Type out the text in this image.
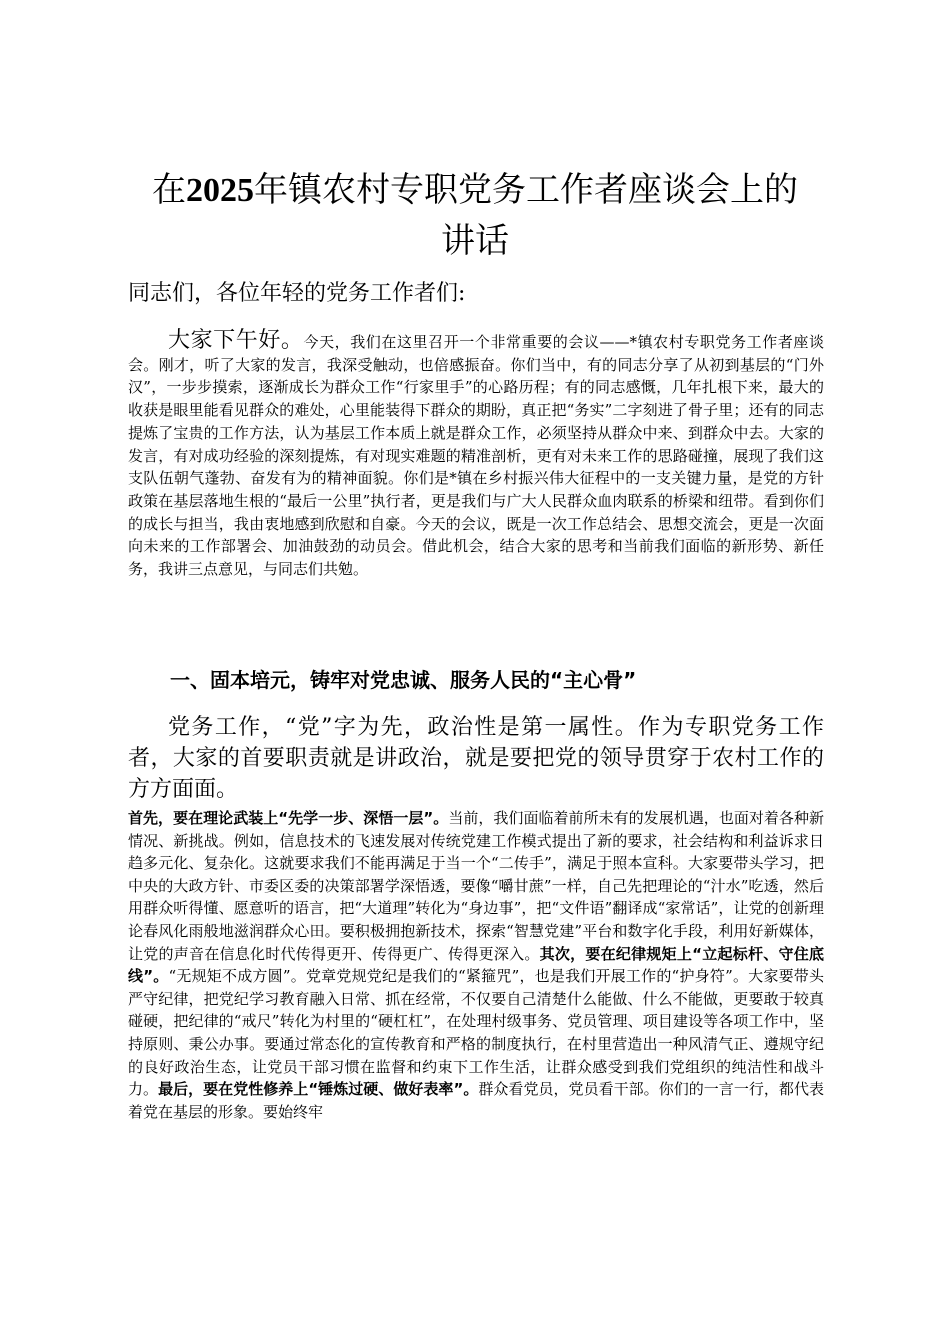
在2025年镇农村专职党务工作者座谈会上的
讲话

同志们，各位年轻的党务工作者们:

大家下午好。今天，我们在这里召开一个非常重要的会议——*镇农村专职党务工作者座谈会。刚才，听了大家的发言，我深受触动，也倍感振奋。你们当中，有的同志分享了从初到基层的“门外汉”，一步步摸索，逐渐成长为群众工作“行家里手”的心路历程；有的同志感慨，几年扎根下来，最大的收获是眼里能看见群众的难处，心里能装得下群众的期盼，真正把“务实”二字刻进了骨子里；还有的同志提炼了宝贵的工作方法，认为基层工作本质上就是群众工作，必须坚持从群众中来、到群众中去。大家的发言，有对成功经验的深刻提炼，有对现实难题的精准剖析，更有对未来工作的思路碰撞，展现了我们这支队伍朝气蓬勃、奋发有为的精神面貌。你们是*镇在乡村振兴伟大征程中的一支关键力量，是党的方针政策在基层落地生根的“最后一公里”执行者，更是我们与广大人民群众血肉联系的桥梁和纽带。看到你们的成长与担当，我由衷地感到欣慰和自豪。今天的会议，既是一次工作总结会、思想交流会，更是一次面向未来的工作部署会、加油鼓劲的动员会。借此机会，结合大家的思考和当前我们面临的新形势、新任务，我讲三点意见，与同志们共勉。

一、固本培元，铸牢对党忠诚、服务人民的“主心骨”

党务工作，“党”字为先，政治性是第一属性。作为专职党务工作者，大家的首要职责就是讲政治，就是要把党的领导贯穿于农村工作的方方面面。
首先，要在理论武装上“先学一步、深悟一层”。当前，我们面临着前所未有的发展机遇，也面对着各种新情况、新挑战。例如，信息技术的飞速发展对传统党建工作模式提出了新的要求，社会结构和利益诉求日趋多元化、复杂化。这就要求我们不能再满足于当一个“二传手”，满足于照本宣科。大家要带头学习，把中央的大政方针、市委区委的决策部署学深悟透，要像“嚼甘蔗”一样，自己先把理论的“汁水”吃透，然后用群众听得懂、愿意听的语言，把“大道理”转化为“身边事”，把“文件语”翻译成“家常话”，让党的创新理论春风化雨般地滋润群众心田。要积极拥抱新技术，探索“智慧党建”平台和数字化手段，利用好新媒体，让党的声音在信息化时代传得更开、传得更广、传得更深入。其次，要在纪律规矩上“立起标杆、守住底线”。“无规矩不成方圆”。党章党规党纪是我们的“紧箍咒”，也是我们开展工作的“护身符”。大家要带头严守纪律，把党纪学习教育融入日常、抓在经常，不仅要自己清楚什么能做、什么不能做，更要敢于较真碰硬，把纪律的“戒尺”转化为村里的“硬杠杠”，在处理村级事务、党员管理、项目建设等各项工作中，坚持原则、秉公办事。要通过常态化的宣传教育和严格的制度执行，在村里营造出一种风清气正、遵规守纪的良好政治生态，让党员干部习惯在监督和约束下工作生活，让群众感受到我们党组织的纯洁性和战斗力。最后，要在党性修养上“锤炼过硬、做好表率”。群众看党员，党员看干部。你们的一言一行，都代表着党在基层的形象。要始终牢
